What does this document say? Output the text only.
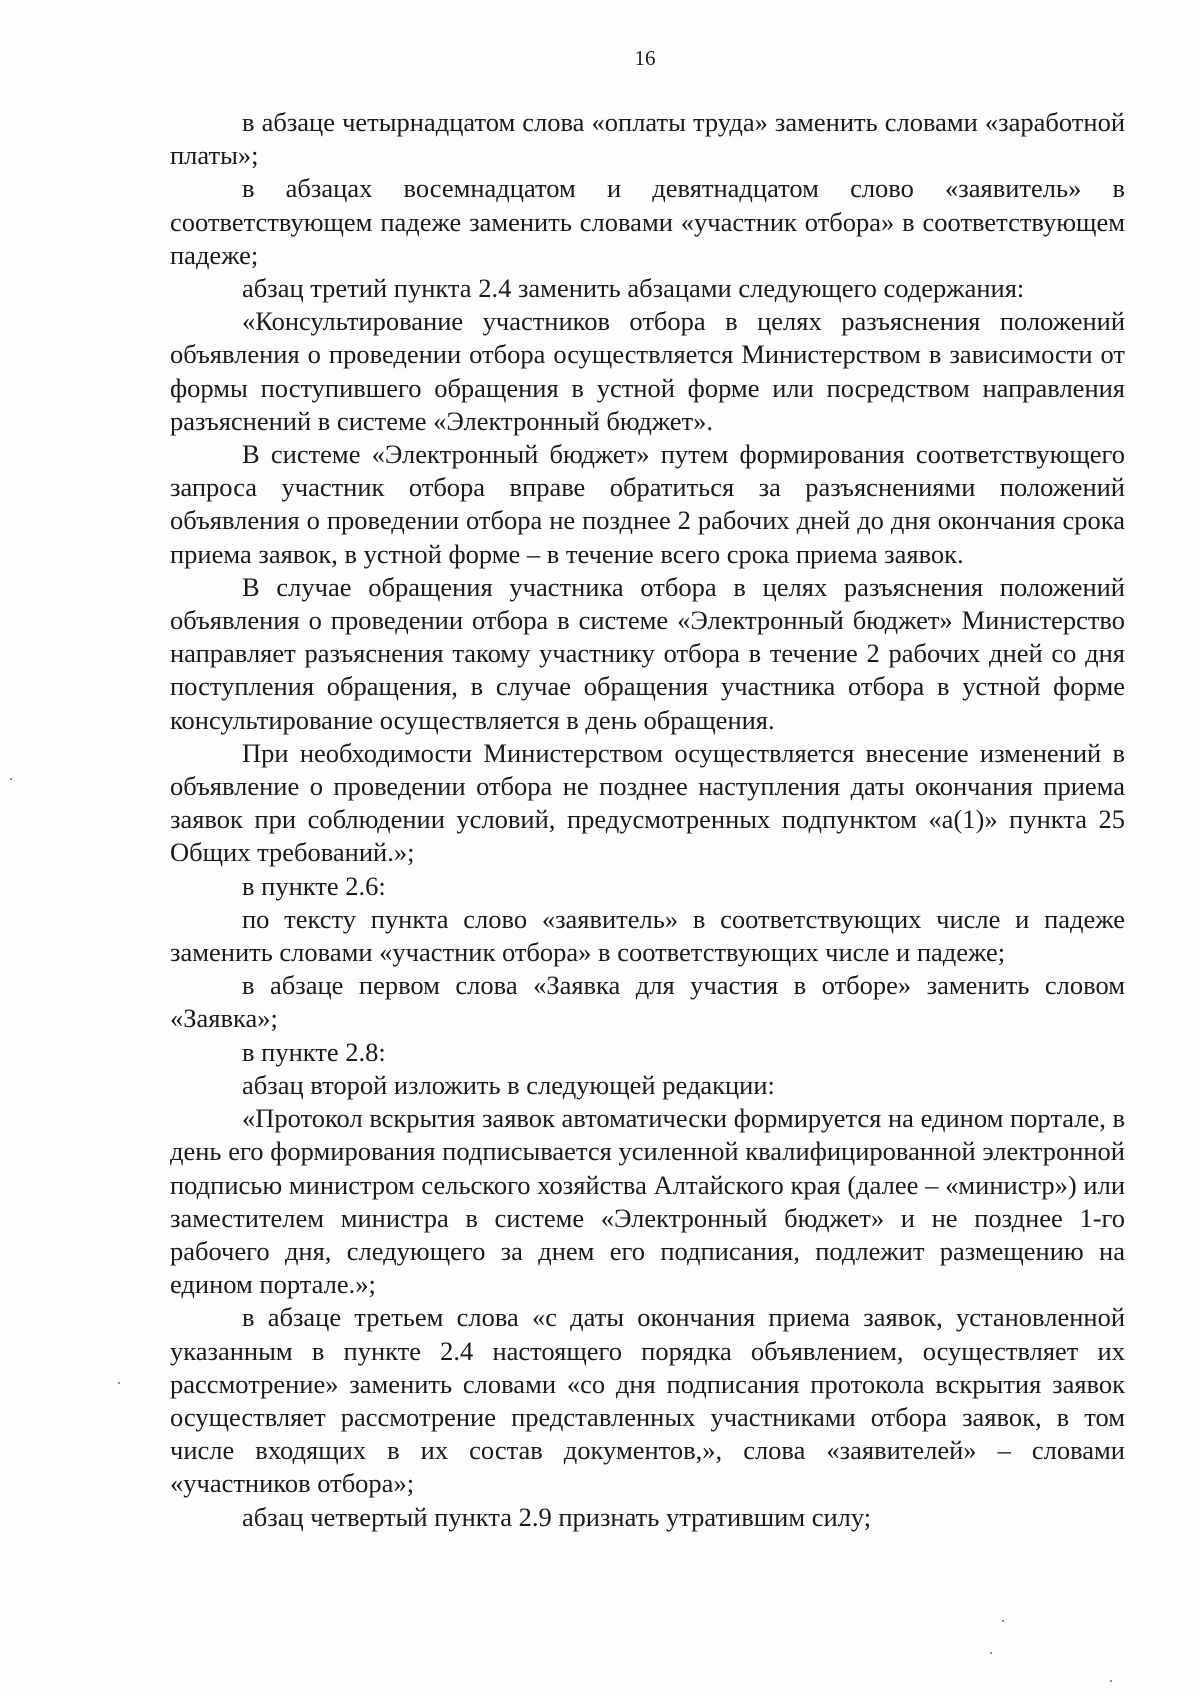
16

в абзаце четырнадцатом слова «оплаты труда» заменить словами «заработной платы»;

в абзацах восемнадцатом и девятнадцатом слово «заявитель» в соответствующем падеже заменить словами «участник отбора» в соответствующем падеже;

абзац третий пункта 2.4 заменить абзацами следующего содержания:

«Консультирование участников отбора в целях разъяснения положений объявления о проведении отбора осуществляется Министерством в зависимости от формы поступившего обращения в устной форме или посредством направления разъяснений в системе «Электронный бюджет».

В системе «Электронный бюджет» путем формирования соответствующего запроса участник отбора вправе обратиться за разъяснениями положений объявления о проведении отбора не позднее 2 рабочих дней до дня окончания срока приема заявок, в устной форме – в течение всего срока приема заявок.

В случае обращения участника отбора в целях разъяснения положений объявления о проведении отбора в системе «Электронный бюджет» Министерство направляет разъяснения такому участнику отбора в течение 2 рабочих дней со дня поступления обращения, в случае обращения участника отбора в устной форме консультирование осуществляется в день обращения.

При необходимости Министерством осуществляется внесение изменений в объявление о проведении отбора не позднее наступления даты окончания приема заявок при соблюдении условий, предусмотренных подпунктом «а(1)» пункта 25 Общих требований.»;

в пункте 2.6:

по тексту пункта слово «заявитель» в соответствующих числе и падеже заменить словами «участник отбора» в соответствующих числе и падеже;

в абзаце первом слова «Заявка для участия в отборе» заменить словом «Заявка»;

в пункте 2.8:

абзац второй изложить в следующей редакции:

«Протокол вскрытия заявок автоматически формируется на едином портале, в день его формирования подписывается усиленной квалифицированной электронной подписью министром сельского хозяйства Алтайского края (далее – «министр») или заместителем министра в системе «Электронный бюджет» и не позднее 1-го рабочего дня, следующего за днем его подписания, подлежит размещению на едином портале.»;

в абзаце третьем слова «с даты окончания приема заявок, установленной указанным в пункте 2.4 настоящего порядка объявлением, осуществляет их рассмотрение» заменить словами «со дня подписания протокола вскрытия заявок осуществляет рассмотрение представленных участниками отбора заявок, в том числе входящих в их состав документов,», слова «заявителей» – словами «участников отбора»;

абзац четвертый пункта 2.9 признать утратившим силу;
